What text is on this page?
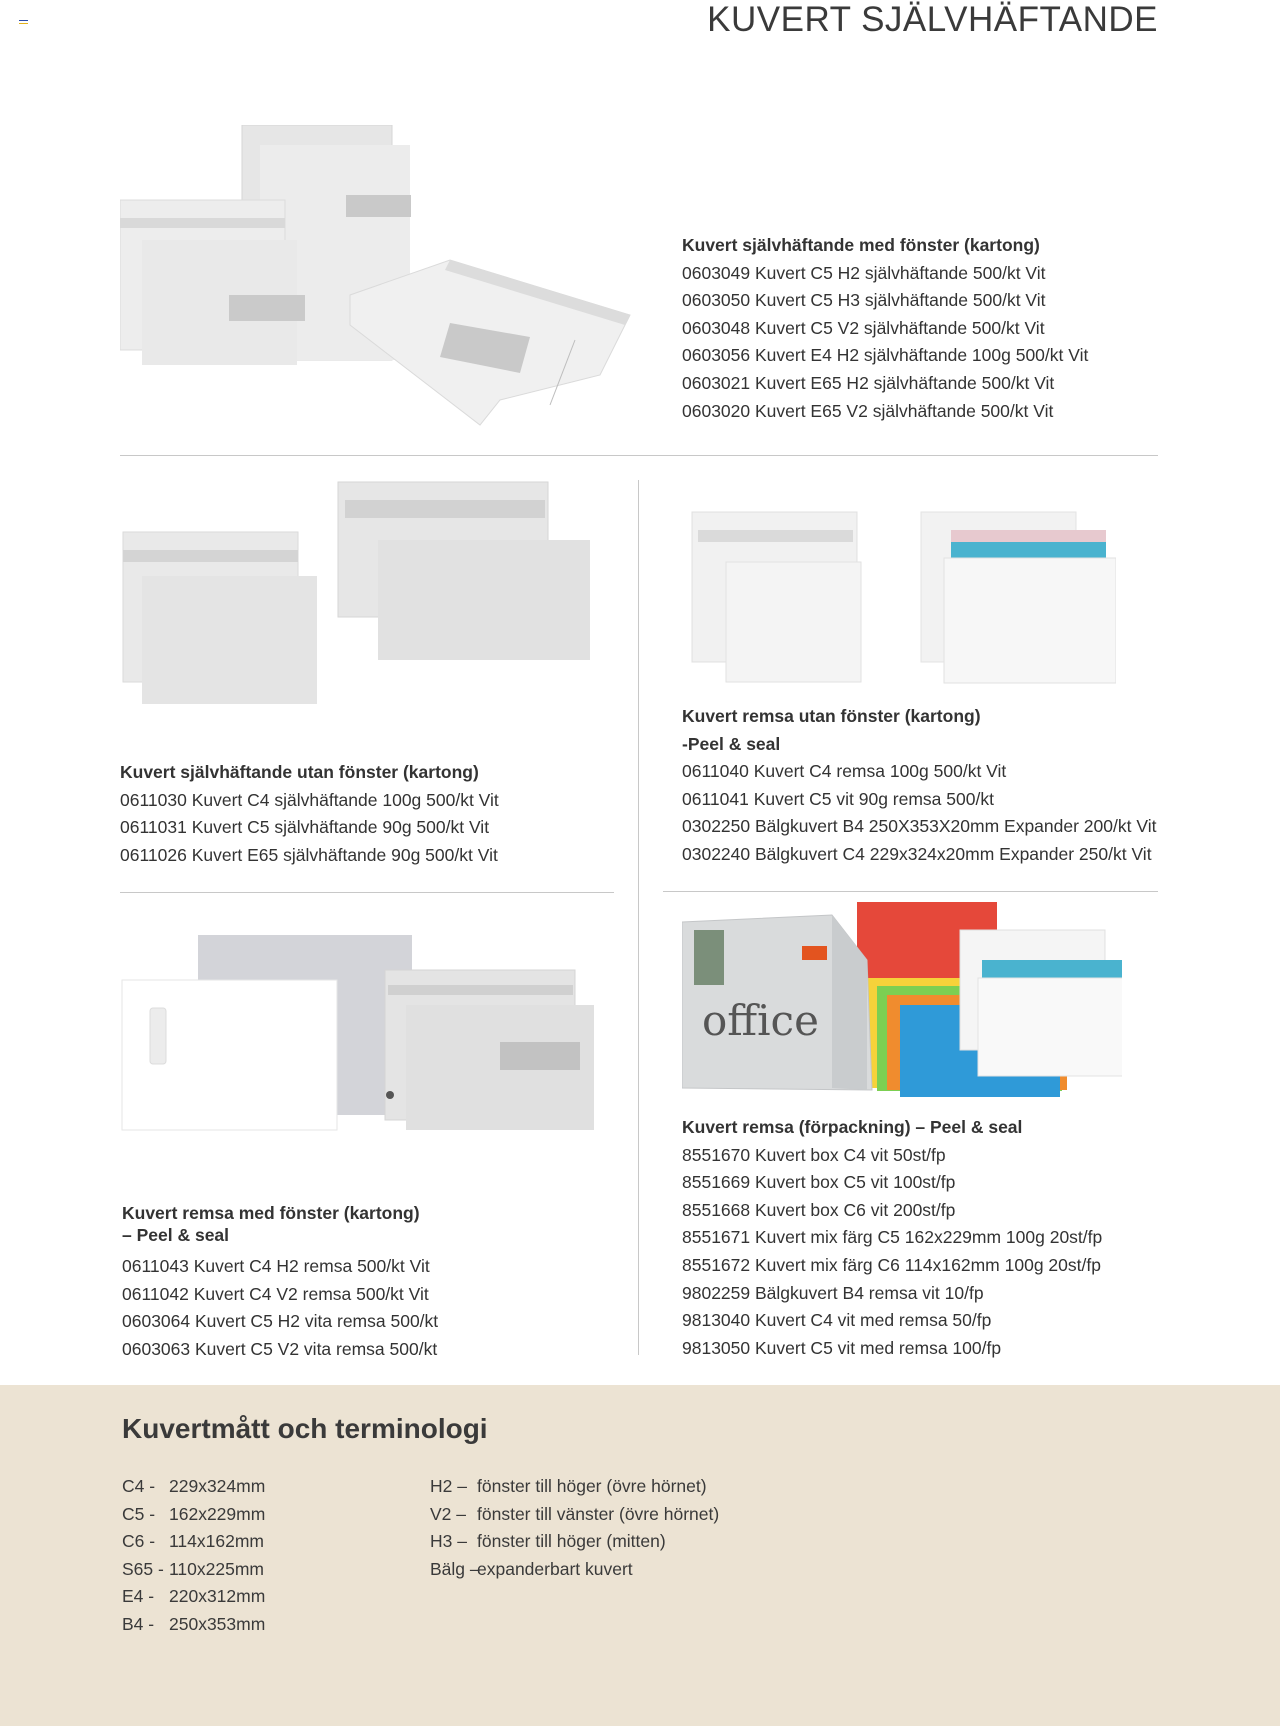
KUVERT SJÄLVHÄFTANDE

Kuvert självhäftande med fönster (kartong)

0603049 Kuvert C5 H2 självhäftande 500/kt Vit

0603050 Kuvert C5 H3 självhäftande 500/kt Vit

0603048 Kuvert C5 V2 självhäftande 500/kt Vit

0603056 Kuvert E4 H2 självhäftande 100g 500/kt Vit

0603021 Kuvert E65 H2 självhäftande 500/kt Vit

0603020 Kuvert E65 V2 självhäftande 500/kt Vit

Kuvert självhäftande utan fönster (kartong)

0611030 Kuvert C4 självhäftande 100g 500/kt Vit

0611031 Kuvert C5 självhäftande 90g 500/kt Vit

0611026 Kuvert E65 självhäftande 90g 500/kt Vit

Kuvert remsa utan fönster (kartong)

-Peel & seal

0611040 Kuvert C4 remsa 100g 500/kt Vit

0611041 Kuvert C5 vit 90g remsa 500/kt

0302250 Bälgkuvert B4 250X353X20mm Expander 200/kt Vit

0302240 Bälgkuvert C4 229x324x20mm Expander 250/kt Vit

office

Kuvert remsa med fönster (kartong)

– Peel & seal

0611043 Kuvert C4 H2 remsa 500/kt Vit

0611042 Kuvert C4 V2 remsa 500/kt Vit

0603064 Kuvert C5 H2 vita remsa 500/kt

0603063 Kuvert C5 V2 vita remsa 500/kt

Kuvert remsa (förpackning) – Peel & seal

8551670 Kuvert box C4 vit 50st/fp

8551669 Kuvert box C5 vit 100st/fp

8551668 Kuvert box C6 vit 200st/fp

8551671 Kuvert mix färg C5 162x229mm 100g 20st/fp

8551672 Kuvert mix färg C6 114x162mm 100g 20st/fp

9802259 Bälgkuvert B4 remsa vit 10/fp

9813040 Kuvert C4 vit med remsa 50/fp

9813050 Kuvert C5 vit med remsa 100/fp

Kuvertmått och terminologi
C4 - 229x324mm
C5 - 162x229mm
C6 - 114x162mm
S65 - 110x225mm
E4 - 220x312mm
B4 - 250x353mm
H2 – fönster till höger (övre hörnet)
V2 – fönster till vänster (övre hörnet)
H3 – fönster till höger (mitten)
Bälg – expanderbart kuvert
